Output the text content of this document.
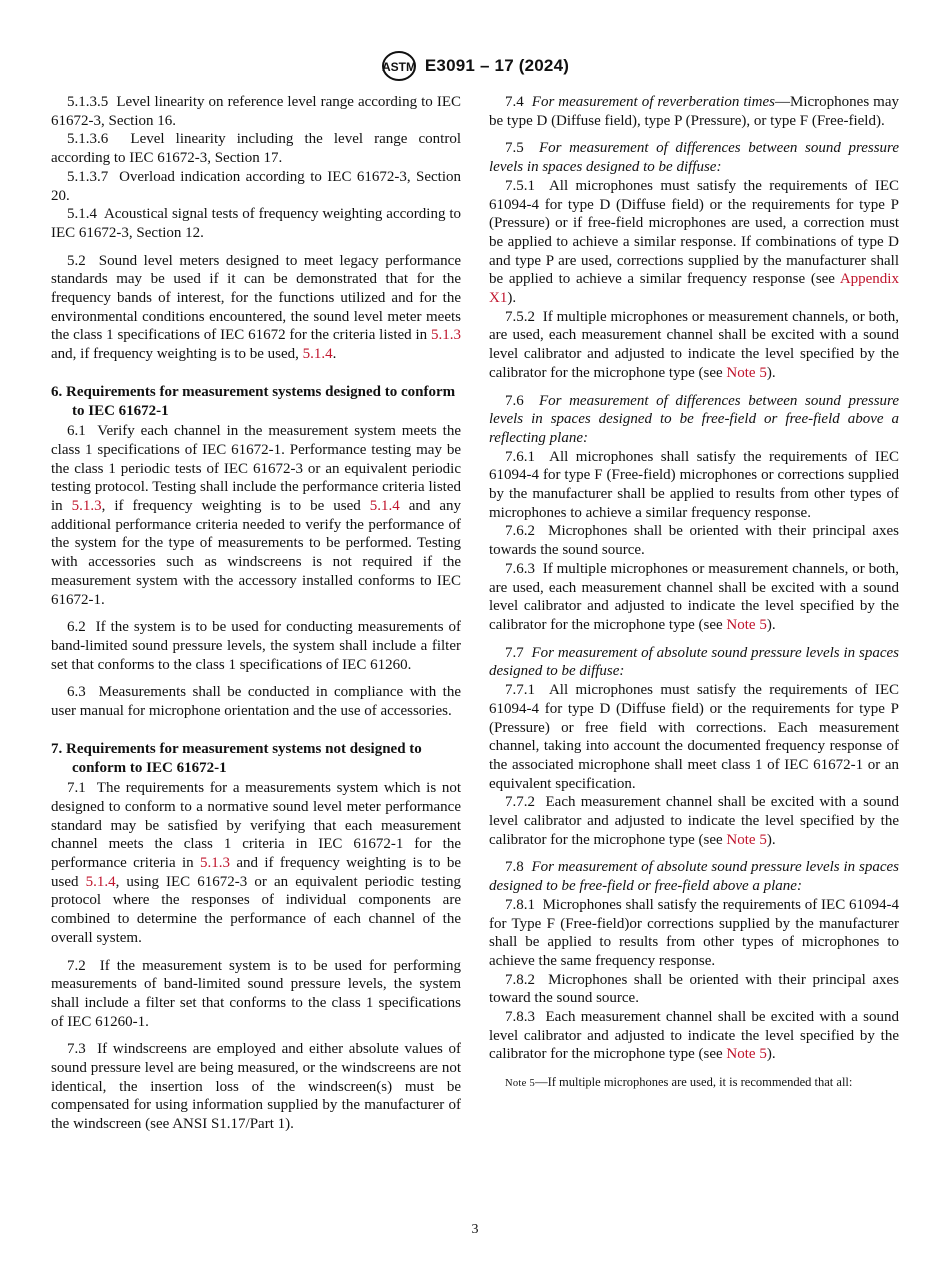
ASTM E3091 – 17 (2024)

5.1.3.5 Level linearity on reference level range according to IEC 61672-3, Section 16.

5.1.3.6 Level linearity including the level range control according to IEC 61672-3, Section 17.

5.1.3.7 Overload indication according to IEC 61672-3, Section 20.

5.1.4 Acoustical signal tests of frequency weighting according to IEC 61672-3, Section 12.

5.2 Sound level meters designed to meet legacy performance standards may be used if it can be demonstrated that for the frequency bands of interest, for the functions utilized and for the environmental conditions encountered, the sound level meter meets the class 1 specifications of IEC 61672 for the criteria listed in 5.1.3 and, if frequency weighting is to be used, 5.1.4.

6. Requirements for measurement systems designed to conform to IEC 61672-1

6.1 Verify each channel in the measurement system meets the class 1 specifications of IEC 61672-1. Performance testing may be the class 1 periodic tests of IEC 61672-3 or an equivalent periodic testing protocol. Testing shall include the performance criteria listed in 5.1.3, if frequency weighting is to be used 5.1.4 and any additional performance criteria needed to verify the performance of the system for the type of measurements to be performed. Testing with accessories such as windscreens is not required if the measurement system with the accessory installed conforms to IEC 61672-1.

6.2 If the system is to be used for conducting measurements of band-limited sound pressure levels, the system shall include a filter set that conforms to the class 1 specifications of IEC 61260.

6.3 Measurements shall be conducted in compliance with the user manual for microphone orientation and the use of accessories.

7. Requirements for measurement systems not designed to conform to IEC 61672-1

7.1 The requirements for a measurements system which is not designed to conform to a normative sound level meter performance standard may be satisfied by verifying that each measurement channel meets the class 1 criteria in IEC 61672-1 for the performance criteria in 5.1.3 and if frequency weighting is to be used 5.1.4, using IEC 61672-3 or an equivalent periodic testing protocol where the responses of individual components are combined to determine the performance of each channel of the overall system.

7.2 If the measurement system is to be used for performing measurements of band-limited sound pressure levels, the system shall include a filter set that conforms to the class 1 specifications of IEC 61260-1.

7.3 If windscreens are employed and either absolute values of sound pressure level are being measured, or the windscreens are not identical, the insertion loss of the windscreen(s) must be compensated for using information supplied by the manufacturer of the windscreen (see ANSI S1.17/Part 1).

7.4 For measurement of reverberation times—Microphones may be type D (Diffuse field), type P (Pressure), or type F (Free-field).

7.5 For measurement of differences between sound pressure levels in spaces designed to be diffuse:

7.5.1 All microphones must satisfy the requirements of IEC 61094-4 for type D (Diffuse field) or the requirements for type P (Pressure) or if free-field microphones are used, a correction must be applied to achieve a similar response. If combinations of type D and type P are used, corrections supplied by the manufacturer shall be applied to achieve a similar frequency response (see Appendix X1).

7.5.2 If multiple microphones or measurement channels, or both, are used, each measurement channel shall be excited with a sound level calibrator and adjusted to indicate the level specified by the calibrator for the microphone type (see Note 5).

7.6 For measurement of differences between sound pressure levels in spaces designed to be free-field or free-field above a reflecting plane:

7.6.1 All microphones shall satisfy the requirements of IEC 61094-4 for type F (Free-field) microphones or corrections supplied by the manufacturer shall be applied to results from other types of microphones to achieve a similar frequency response.

7.6.2 Microphones shall be oriented with their principal axes towards the sound source.

7.6.3 If multiple microphones or measurement channels, or both, are used, each measurement channel shall be excited with a sound level calibrator and adjusted to indicate the level specified by the calibrator for the microphone type (see Note 5).

7.7 For measurement of absolute sound pressure levels in spaces designed to be diffuse:

7.7.1 All microphones must satisfy the requirements of IEC 61094-4 for type D (Diffuse field) or the requirements for type P (Pressure) or free field with corrections. Each measurement channel, taking into account the documented frequency response of the associated microphone shall meet class 1 of IEC 61672-1 or an equivalent specification.

7.7.2 Each measurement channel shall be excited with a sound level calibrator and adjusted to indicate the level specified by the calibrator for the microphone type (see Note 5).

7.8 For measurement of absolute sound pressure levels in spaces designed to be free-field or free-field above a plane:

7.8.1 Microphones shall satisfy the requirements of IEC 61094-4 for Type F (Free-field)or corrections supplied by the manufacturer shall be applied to results from other types of microphones to achieve the same frequency response.

7.8.2 Microphones shall be oriented with their principal axes toward the sound source.

7.8.3 Each measurement channel shall be excited with a sound level calibrator and adjusted to indicate the level specified by the calibrator for the microphone type (see Note 5).

Note 5—If multiple microphones are used, it is recommended that all:

3
